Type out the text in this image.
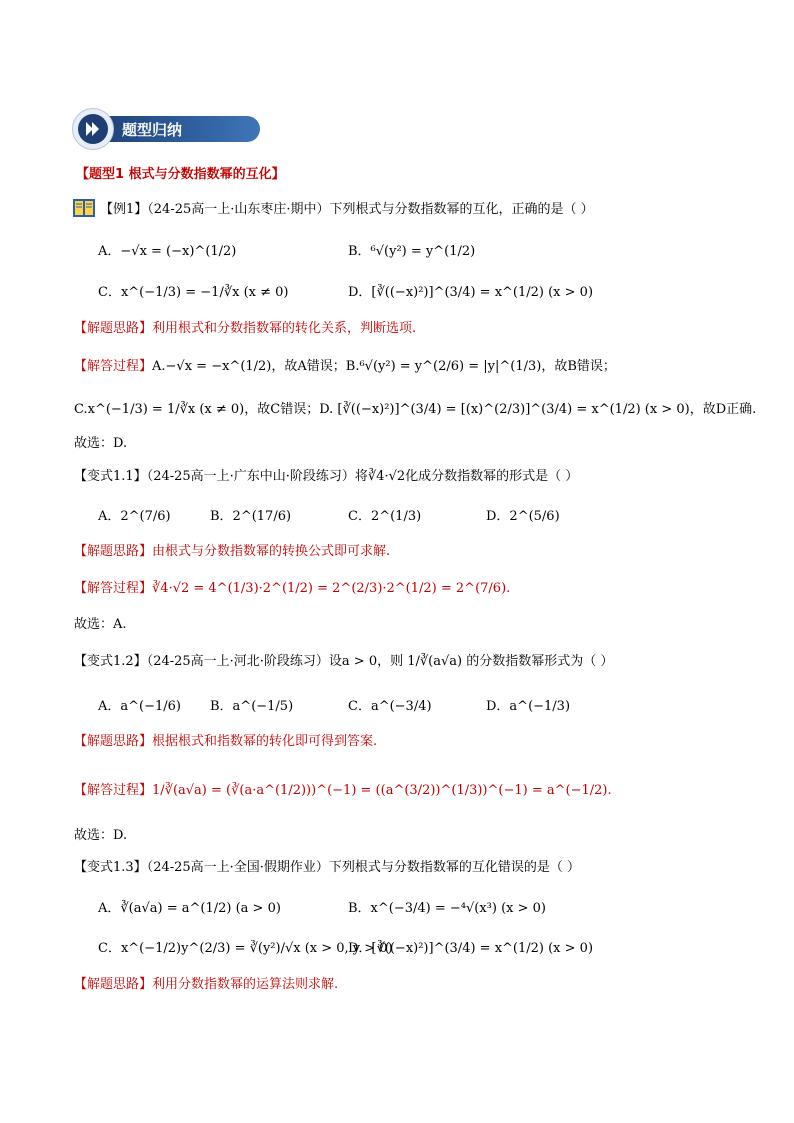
题型归纳
【题型1 根式与分数指数幂的互化】
【例1】（24-25高一上·山东枣庄·期中）下列根式与分数指数幂的互化，正确的是（ ）
A．−√x = (−x)^(1/2)	B．⁶√(y²) = y^(1/2)
C．x^(−1/3) = −1/∛x (x ≠ 0)	D．[∛((−x)²)]^(3/4) = x^(1/2) (x > 0)
【解题思路】利用根式和分数指数幂的转化关系，判断选项.
【解答过程】A.−√x = −x^(1/2)，故A错误；B.⁶√(y²) = y^(2/6) = |y|^(1/3)，故B错误；
C.x^(−1/3) = 1/∛x (x ≠ 0)，故C错误；D. [∛((−x)²)]^(3/4) = [(x)^(2/3)]^(3/4) = x^(1/2) (x > 0)，故D正确.
故选：D.
【变式1.1】（24-25高一上·广东中山·阶段练习）将∛4·√2化成分数指数幂的形式是（ ）
A．2^(7/6)	B．2^(17/6)	C．2^(1/3)	D．2^(5/6)
【解题思路】由根式与分数指数幂的转换公式即可求解.
【解答过程】∛4·√2 = 4^(1/3)·2^(1/2) = 2^(2/3)·2^(1/2) = 2^(7/6).
故选：A.
【变式1.2】（24-25高一上·河北·阶段练习）设a > 0，则 1/∛(a√a) 的分数指数幂形式为（ ）
A．a^(−1/6) B．a^(−1/5)	C．a^(−3/4)	D．a^(−1/3)
【解题思路】根据根式和指数幂的转化即可得到答案.
【解答过程】1/∛(a√a) = (∛(a·a^(1/2)))^(−1) = ((a^(3/2))^(1/3))^(−1) = a^(−1/2).
故选：D.
【变式1.3】（24-25高一上·全国·假期作业）下列根式与分数指数幂的互化错误的是（ ）
A．∛(a√a) = a^(1/2) (a > 0)	B．x^(−3/4) = −⁴√(x³) (x > 0)
C．x^(−1/2)y^(2/3) = ∛(y²)/√x (x > 0, y > 0)
D．[∛((−x)²)]^(3/4) = x^(1/2) (x > 0)
【解题思路】利用分数指数幂的运算法则求解.
